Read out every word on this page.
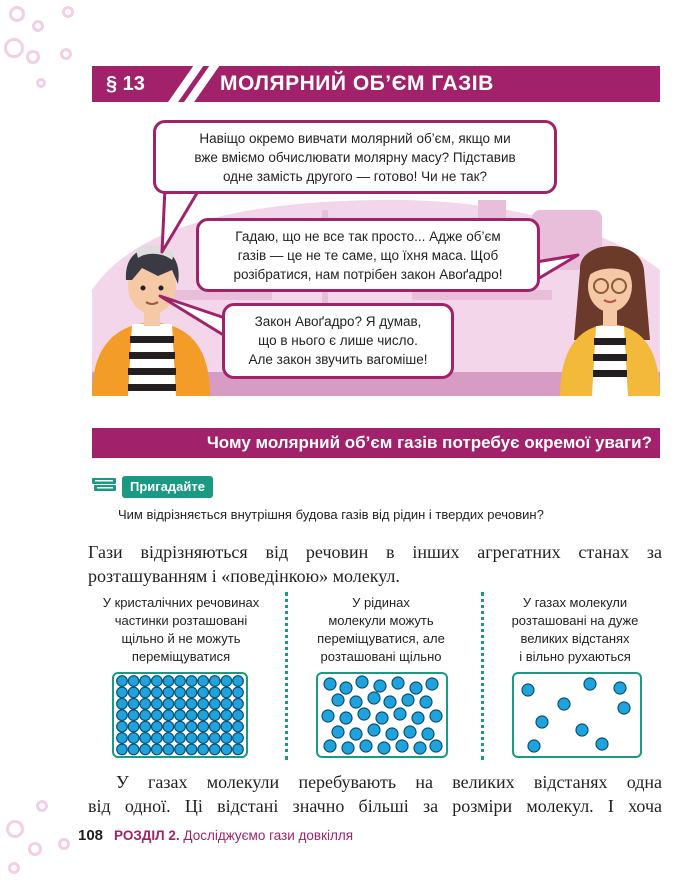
§ 13	МОЛЯРНИЙ ОБ’ЄМ ГАЗІВ
Навіщо окремо вивчати молярний об’єм, якщо ми
вже вміємо обчислювати молярну масу? Підставив
одне замість другого — готово! Чи не так?
Гадаю, що не все так просто... Адже об’єм
газів — це не те саме, що їхня маса. Щоб
розібратися, нам потрібен закон Авоґадро!
Закон Авоґадро? Я думав,
що в нього є лише число.
Але закон звучить вагоміше!
Чому молярний об’єм газів потребує окремої уваги?
Пригадайте
Чим відрізняється внутрішня будова газів від рідин і твердих речовин?
Гази відрізняються від речовин в інших агрегатних станах за
розташуванням і «поведінкою» молекул.
У кристалічних речовинах
частинки розташовані
щільно й не можуть
переміщуватися
У рідинах
молекули можуть
переміщуватися, але
розташовані щільно
У газах молекули
розташовані на дуже
великих відстанях
і вільно рухаються
У газах молекули перебувають на великих відстанях одна
від одної. Ці відстані значно більші за розміри молекул. І хоча
108 РОЗДІЛ 2. Досліджуємо гази довкілля
